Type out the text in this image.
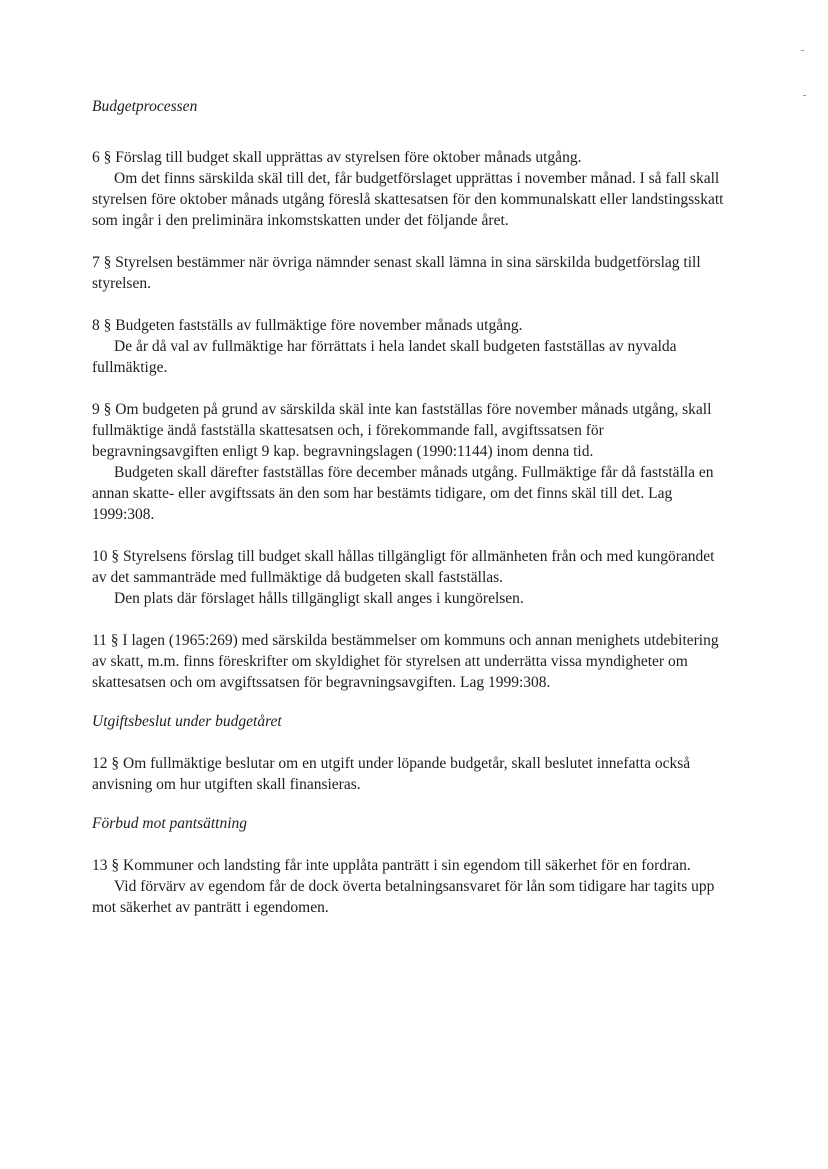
Budgetprocessen

6 § Förslag till budget skall upprättas av styrelsen före oktober månads utgång.

Om det finns särskilda skäl till det, får budgetförslaget upprättas i november månad. I så fall skall styrelsen före oktober månads utgång föreslå skattesatsen för den kommunalskatt eller landstingsskatt som ingår i den preliminära inkomstskatten under det följande året.

7 § Styrelsen bestämmer när övriga nämnder senast skall lämna in sina särskilda budgetförslag till styrelsen.

8 § Budgeten fastställs av fullmäktige före november månads utgång.

De år då val av fullmäktige har förrättats i hela landet skall budgeten fastställas av nyvalda fullmäktige.

9 § Om budgeten på grund av särskilda skäl inte kan fastställas före november månads utgång, skall fullmäktige ändå fastställa skattesatsen och, i förekommande fall, avgiftssatsen för begravningsavgiften enligt 9 kap. begravningslagen (1990:1144) inom denna tid.

Budgeten skall därefter fastställas före december månads utgång. Fullmäktige får då fastställa en annan skatte- eller avgiftssats än den som har bestämts tidigare, om det finns skäl till det. Lag 1999:308.

10 § Styrelsens förslag till budget skall hållas tillgängligt för allmänheten från och med kungörandet av det sammanträde med fullmäktige då budgeten skall fastställas.

Den plats där förslaget hålls tillgängligt skall anges i kungörelsen.

11 § I lagen (1965:269) med särskilda bestämmelser om kommuns och annan menighets utdebitering av skatt, m.m. finns föreskrifter om skyldighet för styrelsen att underrätta vissa myndigheter om skattesatsen och om avgiftssatsen för begravningsavgiften. Lag 1999:308.

Utgiftsbeslut under budgetåret

12 § Om fullmäktige beslutar om en utgift under löpande budgetår, skall beslutet innefatta också anvisning om hur utgiften skall finansieras.

Förbud mot pantsättning

13 § Kommuner och landsting får inte upplåta panträtt i sin egendom till säkerhet för en fordran.

Vid förvärv av egendom får de dock överta betalningsansvaret för lån som tidigare har tagits upp mot säkerhet av panträtt i egendomen.
